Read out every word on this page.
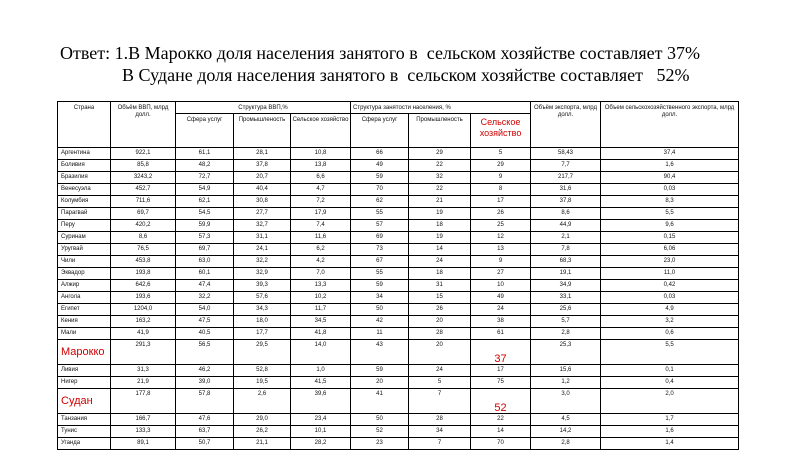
Ответ: 1.В Марокко доля населения занятого в  сельском хозяйстве составляет 37%
В Судане доля населения занятого в  сельском хозяйстве составляет   52%
Страна	Объём ВВП, млрд долл.	Структура ВВП,%			Структура занятости населения, %			Объём экспорта, млрд долл.	Объем сельскохозяйственного экспорта, млрд долл.
		Сфера услуг	Промышленость	Сельское хозяйство	Сфера услуг	Промышленость	Сельское хозяйство		
Аргентина	922,1	61,1	28,1	10,8	66	29	5	58,43	37,4
Боливия	85,8	48,2	37,8	13,8	49	22	29	7,7	1,6
Бразилия	3243,2	72,7	20,7	6,6	59	32	9	217,7	90,4
Венесуэла	452,7	54,9	40,4	4,7	70	22	8	31,6	0,03
Колумбия	711,6	62,1	30,8	7,2	62	21	17	37,8	8,3
Парагвай	69,7	54,5	27,7	17,9	55	19	26	8,6	5,5
Перу	420,2	59,9	32,7	7,4	57	18	25	44,9	9,6
Суринам	8,6	57,3	31,1	11,6	69	19	12	2,1	0,15
Уругвай	76,5	69,7	24,1	6,2	73	14	13	7,8	6,06
Чили	453,8	63,0	32,2	4,2	67	24	9	68,3	23,0
Эквадор	193,8	60,1	32,9	7,0	55	18	27	19,1	11,0
Алжир	642,6	47,4	39,3	13,3	59	31	10	34,9	0,42
Ангола	193,6	32,2	57,6	10,2	34	15	49	33,1	0,03
Египет	1204,0	54,0	34,3	11,7	50	26	24	25,6	4,9
Кения	163,2	47,5	18,0	34,5	42	20	38	5,7	3,2
Мали	41,9	40,5	17,7	41,8	11	28	61	2,8	0,6
Марокко	291,3	56,5	29,5	14,0	43	20	37	25,3	5,5
Ливия	31,3	46,2	52,8	1,0	59	24	17	15,6	0,1
Нигер	21,9	39,0	19,5	41,5	20	5	75	1,2	0,4
Судан	177,8	57,8	2,6	39,6	41	7	52	3,0	2,0
Танзания	166,7	47,6	29,0	23,4	50	28	22	4,5	1,7
Тунис	133,3	63,7	26,2	10,1	52	34	14	14,2	1,6
Уганда	89,1	50,7	21,1	28,2	23	7	70	2,8	1,4
